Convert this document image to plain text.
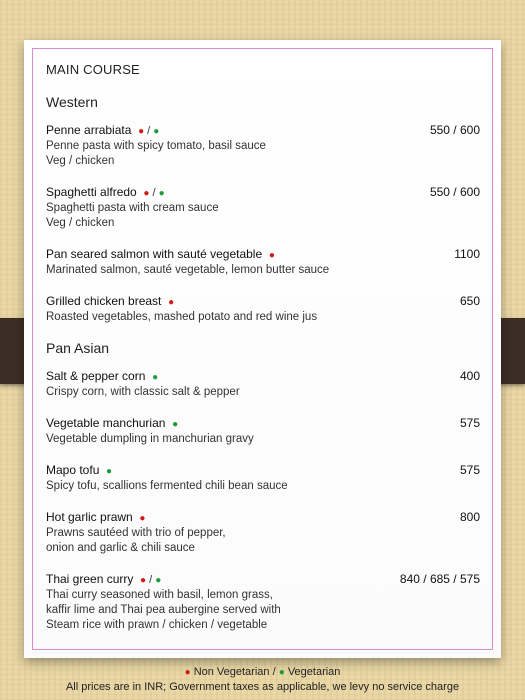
MAIN COURSE
Western
Penne arrabiata ● / ●	550 / 600
Penne pasta with spicy tomato, basil sauce
Veg / chicken
Spaghetti alfredo ● / ●	550 / 600
Spaghetti pasta with cream sauce
Veg / chicken
Pan seared salmon with sauté vegetable ●	1100
Marinated salmon, sauté vegetable, lemon butter sauce
Grilled chicken breast ●	650
Roasted vegetables, mashed potato and red wine jus
Pan Asian
Salt & pepper corn ●	400
Crispy corn, with classic salt & pepper
Vegetable manchurian ●	575
Vegetable dumpling in manchurian gravy
Mapo tofu ●	575
Spicy tofu, scallions fermented chili bean sauce
Hot garlic prawn ●	800
Prawns sautéed with trio of pepper,
onion and garlic & chili sauce
Thai green curry ● / ●	840 / 685 / 575
Thai curry seasoned with basil, lemon grass,
kaffir lime and Thai pea aubergine served with
Steam rice with prawn / chicken / vegetable
● Non Vegetarian / ● Vegetarian
All prices are in INR; Government taxes as applicable, we levy no service charge
